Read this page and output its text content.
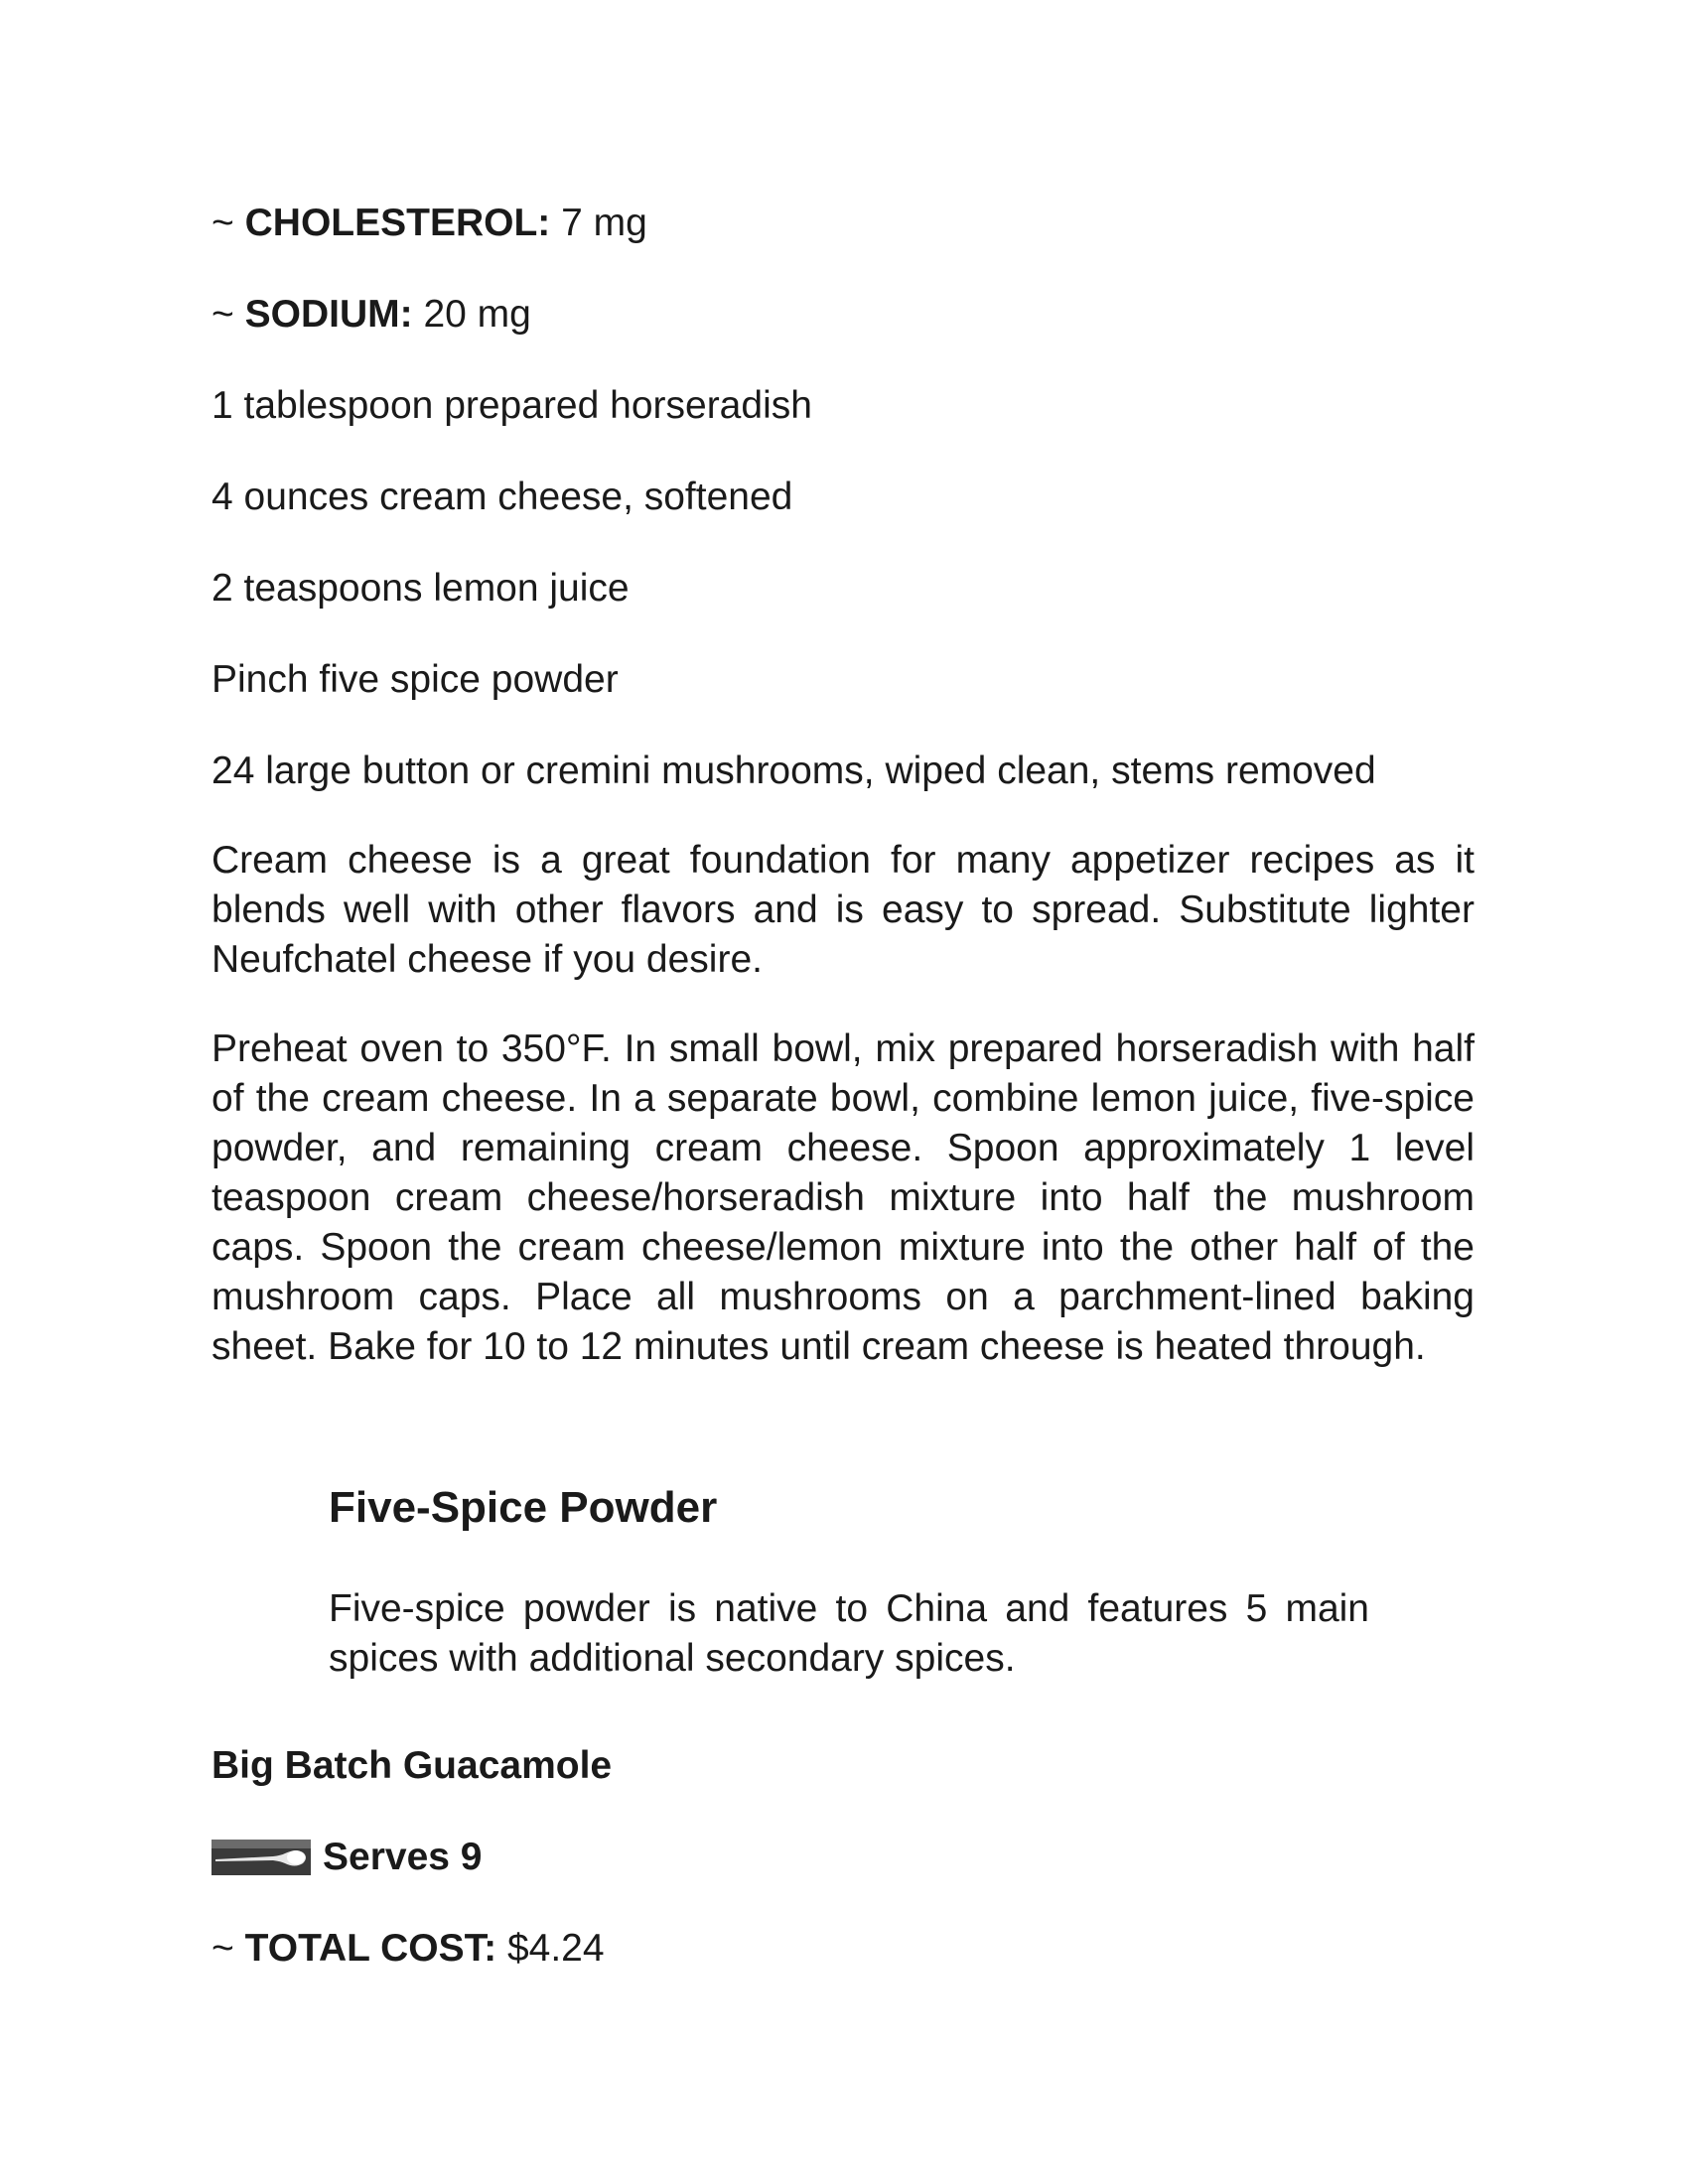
~ CHOLESTEROL: 7 mg
~ SODIUM: 20 mg
1 tablespoon prepared horseradish
4 ounces cream cheese, softened
2 teaspoons lemon juice
Pinch five spice powder
24 large button or cremini mushrooms, wiped clean, stems removed
Cream cheese is a great foundation for many appetizer recipes as it blends well with other flavors and is easy to spread. Substitute lighter Neufchatel cheese if you desire.
Preheat oven to 350°F. In small bowl, mix prepared horseradish with half of the cream cheese. In a separate bowl, combine lemon juice, five-spice powder, and remaining cream cheese. Spoon approximately 1 level teaspoon cream cheese/horseradish mixture into half the mushroom caps. Spoon the cream cheese/lemon mixture into the other half of the mushroom caps. Place all mushrooms on a parchment-lined baking sheet. Bake for 10 to 12 minutes until cream cheese is heated through.
Five-Spice Powder
Five-spice powder is native to China and features 5 main spices with additional secondary spices.
Big Batch Guacamole
Serves 9
~ TOTAL COST: $4.24
